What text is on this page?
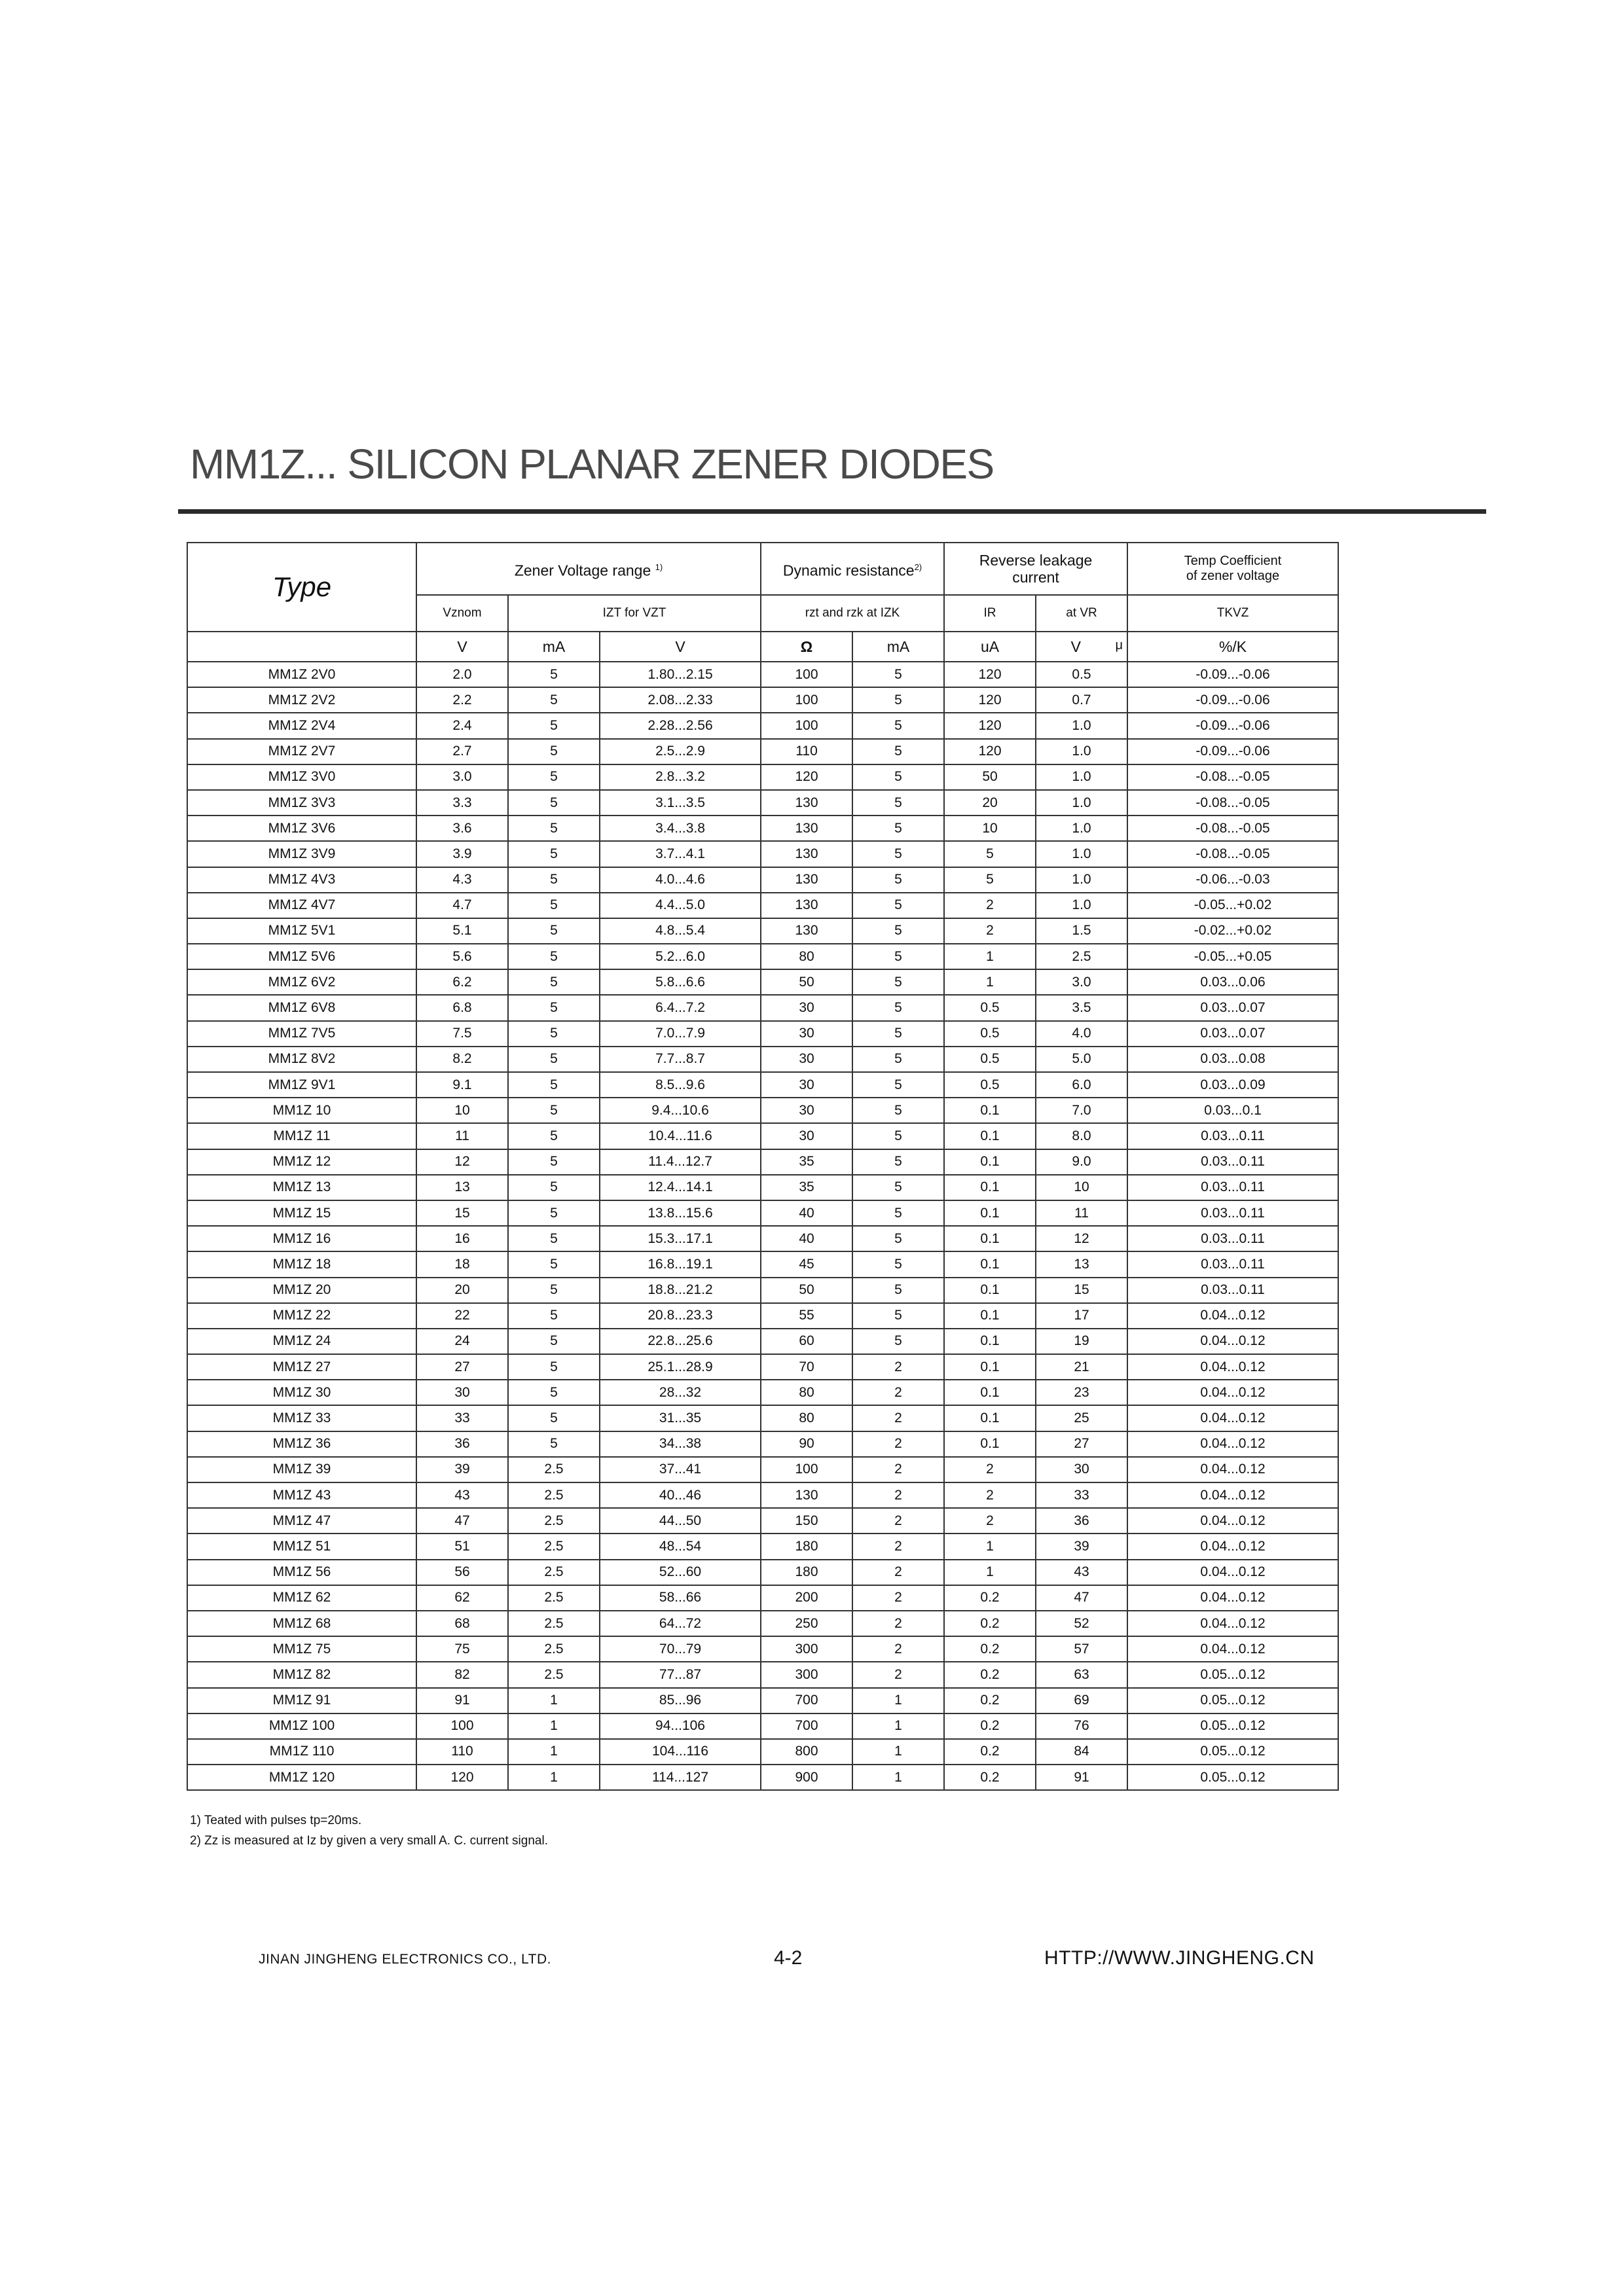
MM1Z... SILICON PLANAR ZENER DIODES
Type	Zener Voltage range $^{1)}$			Dynamic resistance$^{2)}$		Reverse leakage current		Temp Coefficient
of zener voltage

	Vznom	IZT for VZT		rzt and rzk at IZK		IR	at VR	TKVZ
	V	mA	V	Ω	mA	uA	V μ	%/K
MM1Z 2V0	2.0	5	1.80...2.15	100	5	120	0.5	-0.09...-0.06
MM1Z 2V2	2.2	5	2.08...2.33	100	5	120	0.7	-0.09...-0.06
MM1Z 2V4	2.4	5	2.28...2.56	100	5	120	1.0	-0.09...-0.06
MM1Z 2V7	2.7	5	2.5...2.9	110	5	120	1.0	-0.09...-0.06
MM1Z 3V0	3.0	5	2.8...3.2	120	5	50	1.0	-0.08...-0.05
MM1Z 3V3	3.3	5	3.1...3.5	130	5	20	1.0	-0.08...-0.05
MM1Z 3V6	3.6	5	3.4...3.8	130	5	10	1.0	-0.08...-0.05
MM1Z 3V9	3.9	5	3.7...4.1	130	5	5	1.0	-0.08...-0.05
MM1Z 4V3	4.3	5	4.0...4.6	130	5	5	1.0	-0.06...-0.03
MM1Z 4V7	4.7	5	4.4...5.0	130	5	2	1.0	-0.05...+0.02
MM1Z 5V1	5.1	5	4.8...5.4	130	5	2	1.5	-0.02...+0.02
MM1Z 5V6	5.6	5	5.2...6.0	80	5	1	2.5	-0.05...+0.05
MM1Z 6V2	6.2	5	5.8...6.6	50	5	1	3.0	0.03...0.06
MM1Z 6V8	6.8	5	6.4...7.2	30	5	0.5	3.5	0.03...0.07
MM1Z 7V5	7.5	5	7.0...7.9	30	5	0.5	4.0	0.03...0.07
MM1Z 8V2	8.2	5	7.7...8.7	30	5	0.5	5.0	0.03...0.08
MM1Z 9V1	9.1	5	8.5...9.6	30	5	0.5	6.0	0.03...0.09
MM1Z 10	10	5	9.4...10.6	30	5	0.1	7.0	0.03...0.1
MM1Z 11	11	5	10.4...11.6	30	5	0.1	8.0	0.03...0.11
MM1Z 12	12	5	11.4...12.7	35	5	0.1	9.0	0.03...0.11
MM1Z 13	13	5	12.4...14.1	35	5	0.1	10	0.03...0.11
MM1Z 15	15	5	13.8...15.6	40	5	0.1	11	0.03...0.11
MM1Z 16	16	5	15.3...17.1	40	5	0.1	12	0.03...0.11
MM1Z 18	18	5	16.8...19.1	45	5	0.1	13	0.03...0.11
MM1Z 20	20	5	18.8...21.2	50	5	0.1	15	0.03...0.11
MM1Z 22	22	5	20.8...23.3	55	5	0.1	17	0.04...0.12
MM1Z 24	24	5	22.8...25.6	60	5	0.1	19	0.04...0.12
MM1Z 27	27	5	25.1...28.9	70	2	0.1	21	0.04...0.12
MM1Z 30	30	5	28...32	80	2	0.1	23	0.04...0.12
MM1Z 33	33	5	31...35	80	2	0.1	25	0.04...0.12
MM1Z 36	36	5	34...38	90	2	0.1	27	0.04...0.12
MM1Z 39	39	2.5	37...41	100	2	2	30	0.04...0.12
MM1Z 43	43	2.5	40...46	130	2	2	33	0.04...0.12
MM1Z 47	47	2.5	44...50	150	2	2	36	0.04...0.12
MM1Z 51	51	2.5	48...54	180	2	1	39	0.04...0.12
MM1Z 56	56	2.5	52...60	180	2	1	43	0.04...0.12
MM1Z 62	62	2.5	58...66	200	2	0.2	47	0.04...0.12
MM1Z 68	68	2.5	64...72	250	2	0.2	52	0.04...0.12
MM1Z 75	75	2.5	70...79	300	2	0.2	57	0.04...0.12
MM1Z 82	82	2.5	77...87	300	2	0.2	63	0.05...0.12
MM1Z 91	91	1	85...96	700	1	0.2	69	0.05...0.12
MM1Z 100	100	1	94...106	700	1	0.2	76	0.05...0.12
MM1Z 110	110	1	104...116	800	1	0.2	84	0.05...0.12
MM1Z 120	120	1	114...127	900	1	0.2	91	0.05...0.12
1) Teated with pulses tp=20ms.
2) Zz is measured at Iz by given a very small A. C. current signal.
JINAN JINGHENG ELECTRONICS CO., LTD.	4-2	HTTP://WWW.JINGHENG.CN
